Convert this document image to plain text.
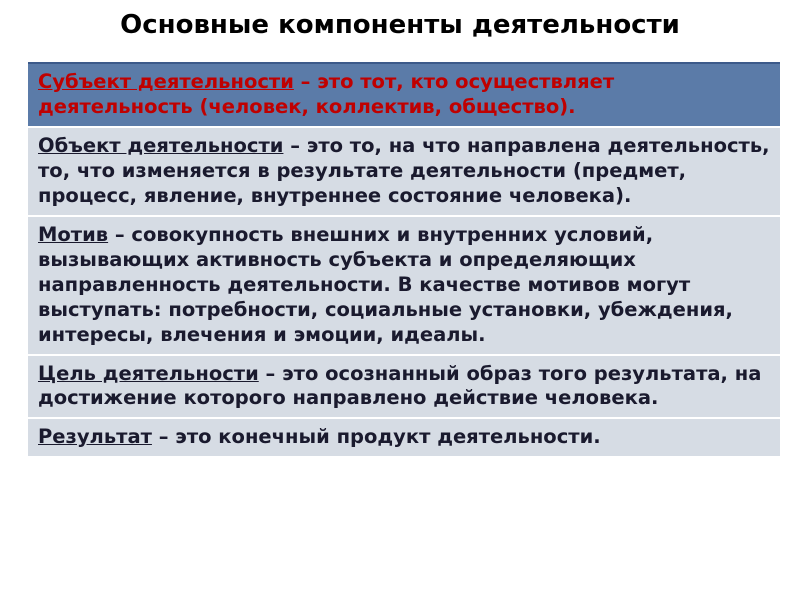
Основные компоненты деятельности

Субъект деятельности – это тот, кто осуществляет деятельность (человек, коллектив, общество).

Объект деятельности – это то, на что направлена деятельность, то, что изменяется в результате деятельности (предмет, процесс, явление, внутреннее состояние человека).

Мотив – совокупность внешних и внутренних условий, вызывающих активность субъекта и определяющих направленность деятельности. В качестве мотивов могут выступать: потребности, социальные установки, убеждения, интересы, влечения и эмоции, идеалы.

Цель деятельности – это осознанный образ того результата, на достижение которого направлено действие человека.

Результат – это конечный продукт деятельности.
